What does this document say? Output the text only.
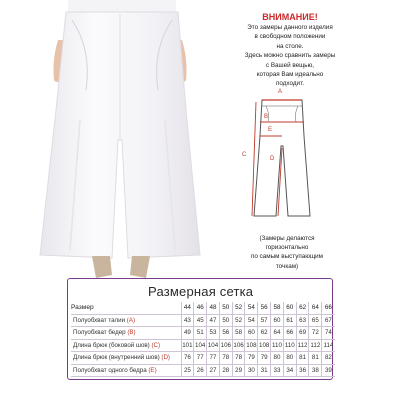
ВНИМАНИЕ!
Это замеры данного изделия
в свободном положении
на столе.
Здесь можно сравнить замеры
с Вашей вещью,
которая Вам идеально
подходит.
A
B
C
D
E
(Замеры делаются
горизонтально
по самым выступающим
точкам)
Размерная сетка
Размер	44	46	48	50	52	54	56	58	60	62	64	66
Полуобхват талии (A)	43	45	47	50	52	54	57	60	61	63	65	67
Полуобхват бедер (B)	49	51	53	56	58	60	62	64	66	69	72	74
Длина брюк (боковой шов) (C)	101	104	104	106	106	108	108	110	110	112	112	114
Длина брюк (внутренний шов) (D)	76	77	77	78	78	79	79	80	80	81	81	82
Полуобхват одного бедра (E)	25	26	27	28	29	30	31	33	34	36	38	39
